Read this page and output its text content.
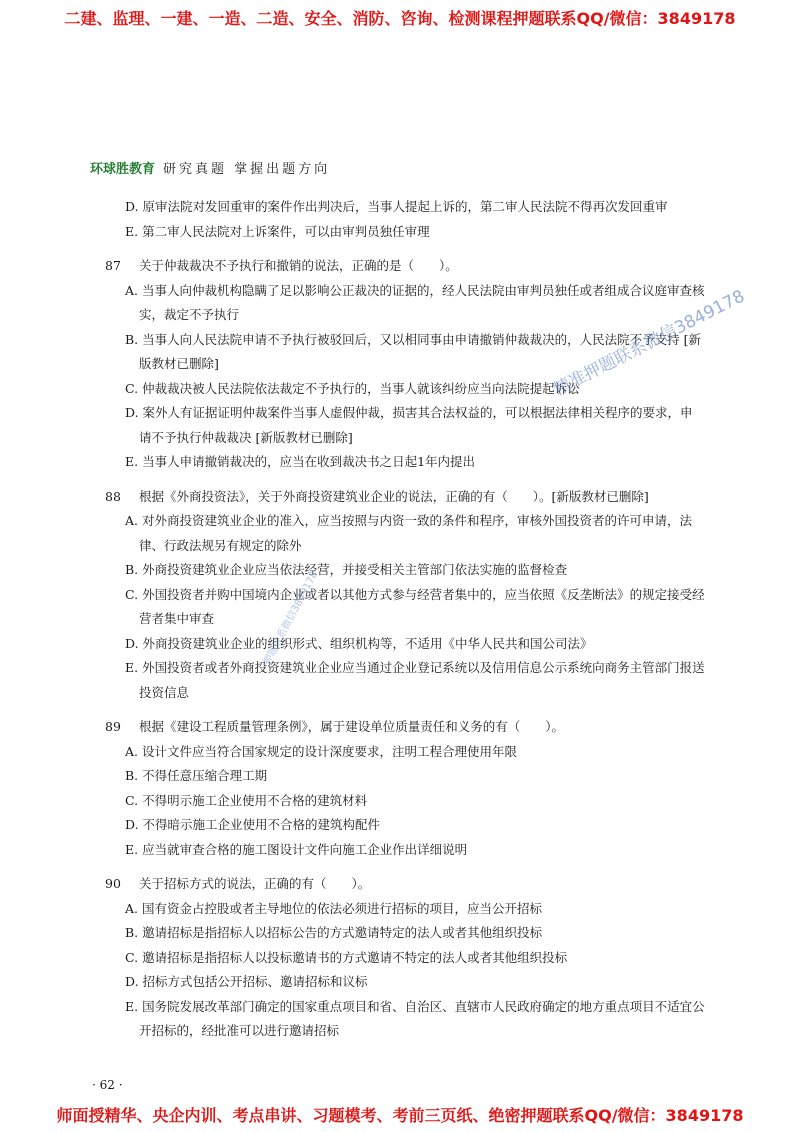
二建、监理、一建、一造、二造、安全、消防、咨询、检测课程押题联系QQ/微信：3849178
环球胜教育 研究真题 掌握出题方向
D. 原审法院对发回重审的案件作出判决后，当事人提起上诉的，第二审人民法院不得再次发回重审
E. 第二审人民法院对上诉案件，可以由审判员独任审理
87	关于仲裁裁决不予执行和撤销的说法，正确的是（　　）。
A. 当事人向仲裁机构隐瞒了足以影响公正裁决的证据的，经人民法院由审判员独任或者组成合议庭审查核实，裁定不予执行
B. 当事人向人民法院申请不予执行被驳回后，又以相同事由申请撤销仲裁裁决的，人民法院不予支持 [新版教材已删除]
C. 仲裁裁决被人民法院依法裁定不予执行的，当事人就该纠纷应当向法院提起诉讼
D. 案外人有证据证明仲裁案件当事人虚假仲裁，损害其合法权益的，可以根据法律相关程序的要求，申请不予执行仲裁裁决 [新版教材已删除]
E. 当事人申请撤销裁决的，应当在收到裁决书之日起1年内提出
88	根据《外商投资法》，关于外商投资建筑业企业的说法，正确的有（　　）。[新版教材已删除]
A. 对外商投资建筑业企业的准入，应当按照与内资一致的条件和程序，审核外国投资者的许可申请，法律、行政法规另有规定的除外
B. 外商投资建筑业企业应当依法经营，并接受相关主管部门依法实施的监督检查
C. 外国投资者并购中国境内企业或者以其他方式参与经营者集中的，应当依照《反垄断法》的规定接受经营者集中审查
D. 外商投资建筑业企业的组织形式、组织机构等，不适用《中华人民共和国公司法》
E. 外国投资者或者外商投资建筑业企业应当通过企业登记系统以及信用信息公示系统向商务主管部门报送投资信息
89	根据《建设工程质量管理条例》，属于建设单位质量责任和义务的有（　　）。
A. 设计文件应当符合国家规定的设计深度要求，注明工程合理使用年限
B. 不得任意压缩合理工期
C. 不得明示施工企业使用不合格的建筑材料
D. 不得暗示施工企业使用不合格的建筑构配件
E. 应当就审查合格的施工图设计文件向施工企业作出详细说明
90	关于招标方式的说法，正确的有（　　）。
A. 国有资金占控股或者主导地位的依法必须进行招标的项目，应当公开招标
B. 邀请招标是指招标人以招标公告的方式邀请特定的法人或者其他组织投标
C. 邀请招标是指招标人以投标邀请书的方式邀请不特定的法人或者其他组织投标
D. 招标方式包括公开招标、邀请招标和议标
E. 国务院发展改革部门确定的国家重点项目和省、自治区、直辖市人民政府确定的地方重点项目不适宜公开招标的，经批准可以进行邀请招标
精准押题联系微信3849178
押题联系微信3849178
· 62 ·
师面授精华、央企内训、考点串讲、习题模考、考前三页纸、绝密押题联系QQ/微信：3849178
